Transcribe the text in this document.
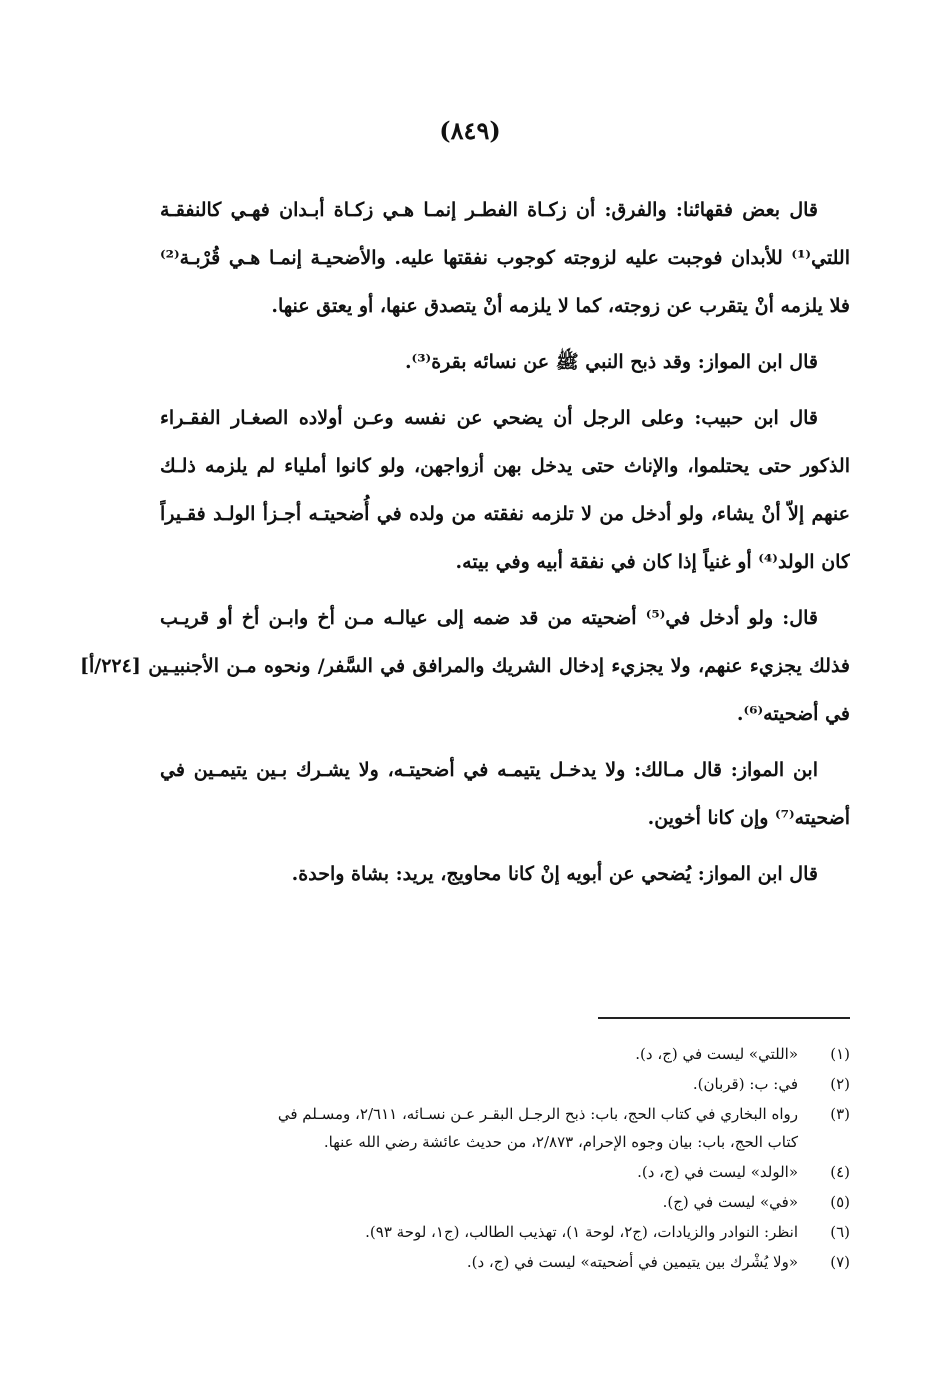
(٨٤٩)
قال بعض فقهائنا: والفرق: أن زكـاة الفطـر إنمـا هـي زكـاة أبـدان فهـي كالنفقـة
اللتي⁽¹⁾ للأبدان فوجبت عليه لزوجته كوجوب نفقتها عليه. والأضحيـة إنمـا هـي قُرْبـة⁽²⁾
فلا يلزمه أنْ يتقرب عن زوجته، كما لا يلزمه أنْ يتصدق عنها، أو يعتق عنها.
قال ابن المواز: وقد ذبح النبي ﷺ عن نسائه بقرة⁽³⁾.
قال ابن حبيب: وعلى الرجل أن يضحي عن نفسه وعـن أولاده الصغـار الفقـراء
الذكور حتى يحتلموا، والإناث حتى يدخل بهن أزواجهن، ولو كانوا أملياء لم يلزمه ذلـك
عنهم إلاّ أنْ يشاء، ولو أدخل من لا تلزمه نفقته من ولده في أُضحيتـه أجـزأ الولـد فقـيراً
كان الولد⁽⁴⁾ أو غنياً إذا كان في نفقة أبيه وفي بيته.
قال: ولو أدخل في⁽⁵⁾ أضحيته من قد ضمه إلى عيالـه مـن أخ وابـن أخ أو قريـب
فذلك يجزيء عنهم، ولا يجزيء إدخال الشريك والمرافق في السَّفر/ ونحوه مـن الأجنبيـين [٢٢٤/أ]
في أضحيته⁽⁶⁾.
ابن المواز: قال مـالك: ولا يدخـل يتيمـه في أضحيتـه، ولا يشـرك بـين يتيمـين في
أضحيته⁽⁷⁾ وإن كانا أخوين.
قال ابن المواز: يُضحي عن أبويه إنْ كانا محاويج، يريد: بشاة واحدة.
(١)
«اللتي» ليست في (ج، د).
(٢)
في: ب: (قربان).
(٣)
رواه البخاري في كتاب الحج، باب: ذبح الرجـل البقـر عـن نسـائه، ٢/٦١١، ومسـلم في
كتاب الحج، باب: بيان وجوه الإحرام، ٢/٨٧٣، من حديث عائشة رضي الله عنها.
(٤)
«الولد» ليست في (ج، د).
(٥)
«في» ليست في (ج).
(٦)
انظر: النوادر والزيادات، (ج٢، لوحة ١)، تهذيب الطالب، (ج١، لوحة ٩٣).
(٧)
«ولا يُشْرك بين يتيمين في أضحيته» ليست في (ج، د).
